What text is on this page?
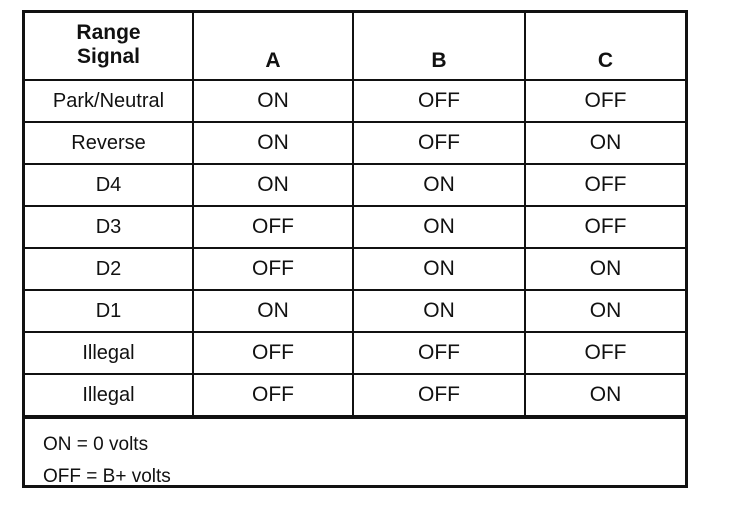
Range
Signal	A	B	C
Park/Neutral	ON	OFF	OFF
Reverse	ON	OFF	ON
D4	ON	ON	OFF
D3	OFF	ON	OFF
D2	OFF	ON	ON
D1	ON	ON	ON
Illegal	OFF	OFF	OFF
Illegal	OFF	OFF	ON
ON = 0 volts
OFF = B+ volts
